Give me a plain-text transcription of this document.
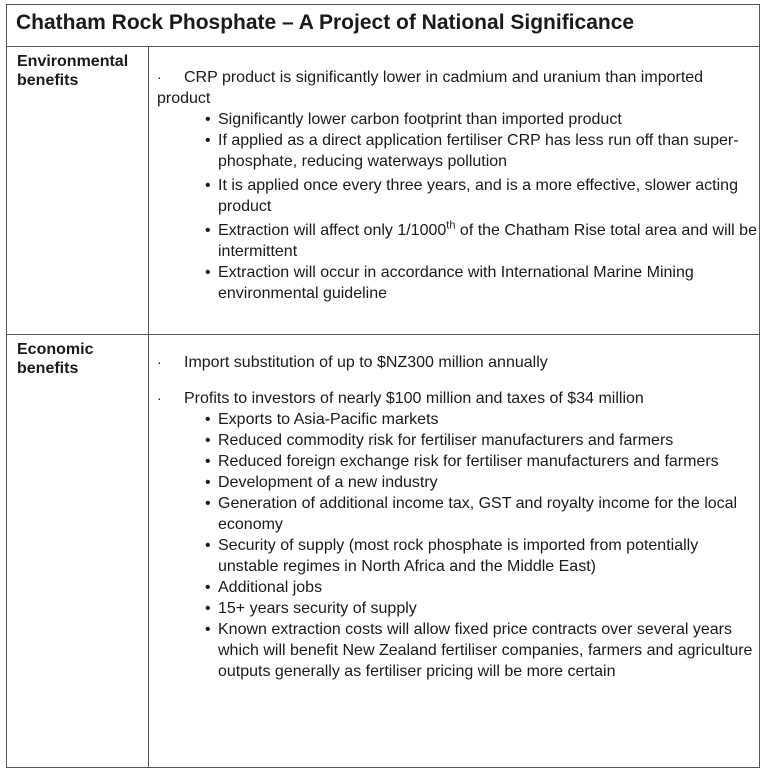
Chatham Rock Phosphate – A Project of National Significance
Environmental
benefits	·	CRP product is significantly lower in cadmium and uranium than imported product

• Significantly lower carbon footprint than imported product
• If applied as a direct application fertiliser CRP has less run off than super-phosphate, reducing waterways pollution
• It is applied once every three years, and is a more effective, slower acting product
• Extraction will affect only 1/1000th of the Chatham Rise total area and will be intermittent
• Extraction will occur in accordance with International Marine Mining environmental guideline
Economic
benefits	· Import substitution of up to $NZ300 million annually

· Profits to investors of nearly $100 million and taxes of $34 million

• Exports to Asia-Pacific markets
• Reduced commodity risk for fertiliser manufacturers and farmers
• Reduced foreign exchange risk for fertiliser manufacturers and farmers
• Development of a new industry
• Generation of additional income tax, GST and royalty income for the local economy
• Security of supply (most rock phosphate is imported from potentially unstable regimes in North Africa and the Middle East)
• Additional jobs
• 15+ years security of supply
• Known extraction costs will allow fixed price contracts over several years which will benefit New Zealand fertiliser companies, farmers and agriculture outputs generally as fertiliser pricing will be more certain
